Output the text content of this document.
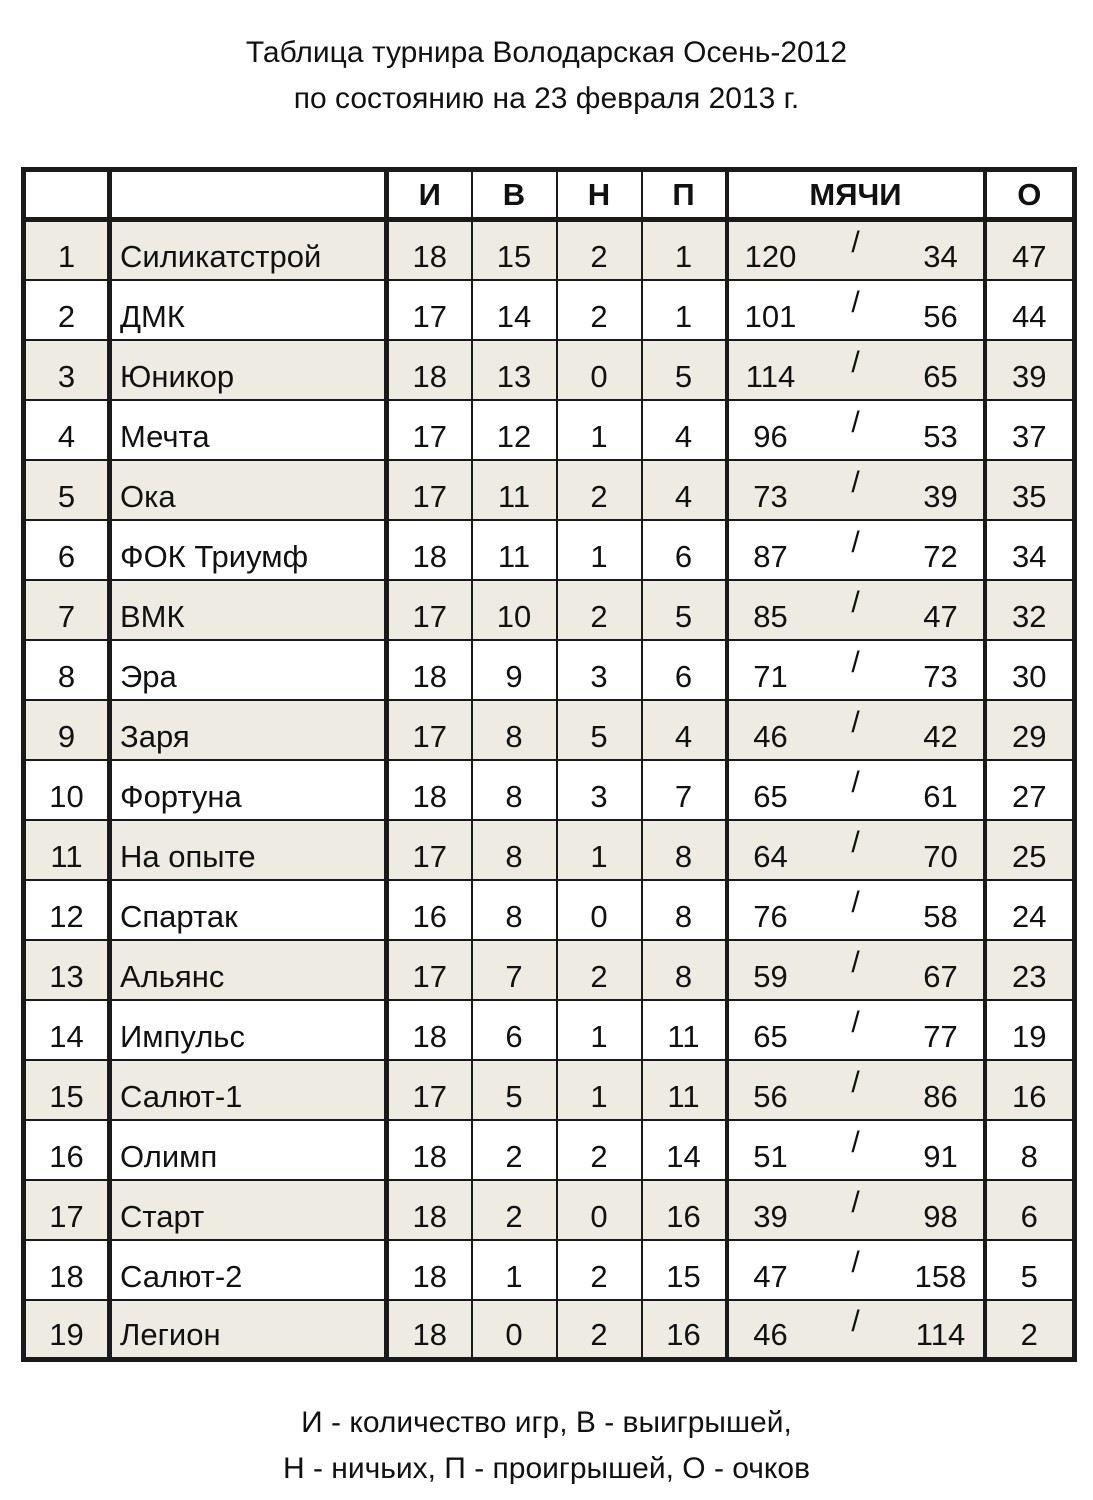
Таблица турнира Володарская Осень-2012
по состоянию на 23 февраля 2013 г.
		И	В	Н	П	МЯЧИ			О
1	Силикатстрой	18	15	2	1	120	/	34	47
2	ДМК	17	14	2	1	101	/	56	44
3	Юникор	18	13	0	5	114	/	65	39
4	Мечта	17	12	1	4	96	/	53	37
5	Ока	17	11	2	4	73	/	39	35
6	ФОК Триумф	18	11	1	6	87	/	72	34
7	ВМК	17	10	2	5	85	/	47	32
8	Эра	18	9	3	6	71	/	73	30
9	Заря	17	8	5	4	46	/	42	29
10	Фортуна	18	8	3	7	65	/	61	27
11	На опыте	17	8	1	8	64	/	70	25
12	Спартак	16	8	0	8	76	/	58	24
13	Альянс	17	7	2	8	59	/	67	23
14	Импульс	18	6	1	11	65	/	77	19
15	Салют-1	17	5	1	11	56	/	86	16
16	Олимп	18	2	2	14	51	/	91	8
17	Старт	18	2	0	16	39	/	98	6
18	Салют-2	18	1	2	15	47	/	158	5
19	Легион	18	0	2	16	46	/	114	2
И - количество игр, В - выигрышей,
Н - ничьих, П - проигрышей, О - очков
